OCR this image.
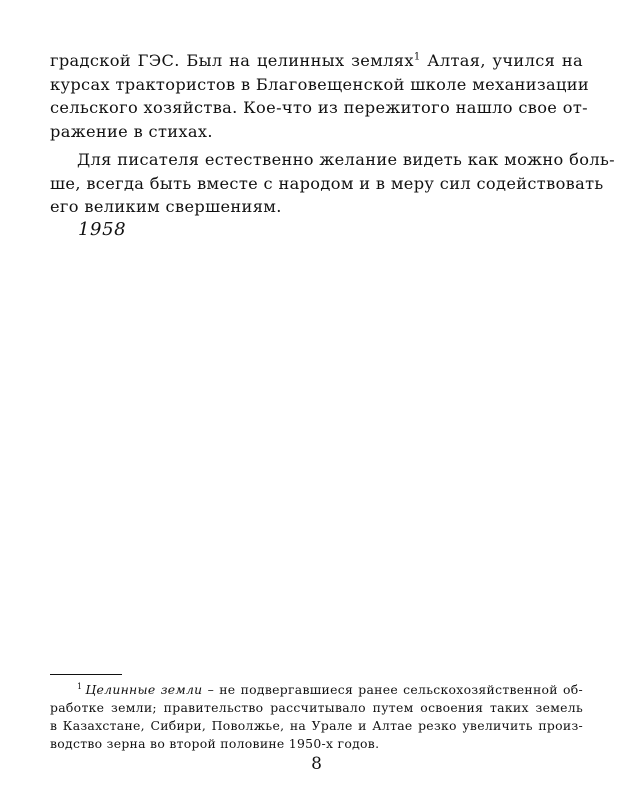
градской ГЭС. Был на целинных землях$^1$ Алтая, учился на
курсах трактористов в Благовещенской школе механизации
сельского хозяйства. Кое-что из пережитого нашло свое от-
ражение в стихах.
Для писателя естественно желание видеть как можно боль-
ше, всегда быть вместе с народом и в меру сил содействовать
его великим свершениям.
1958
$^1$ Целинные земли – не подвергавшиеся ранее сельскохозяйственной об-
работке земли; правительство рассчитывало путем освоения таких земель
в Казахстане, Сибири, Поволжье, на Урале и Алтае резко увеличить произ-
водство зерна во второй половине 1950-х годов.
8
